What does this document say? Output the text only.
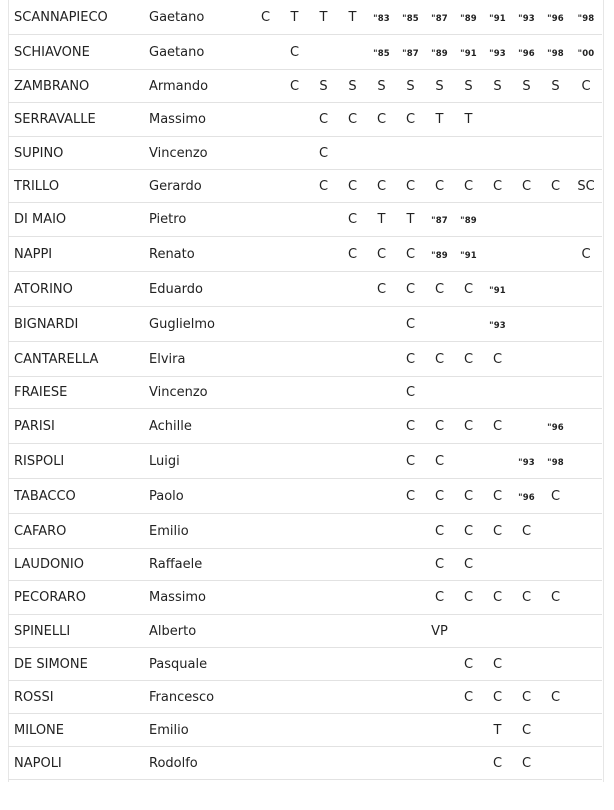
SCANNAPIECO	Gaetano	C	T	T	T	"83	"85	"87	"89	"91	"93	"96	"98
SCHIAVONE	Gaetano		C			"85	"87	"89	"91	"93	"96	"98	"00
ZAMBRANO	Armando		C	S	S	S	S	S	S	S	S	S	C
SERRAVALLE	Massimo			C	C	C	C	T	T				
SUPINO	Vincenzo			C									
TRILLO	Gerardo			C	C	C	C	C	C	C	C	C	SC
DI MAIO	Pietro				C	T	T	"87	"89				
NAPPI	Renato				C	C	C	"89	"91				C
ATORINO	Eduardo					C	C	C	C	"91			
BIGNARDI	Guglielmo						C			"93			
CANTARELLA	Elvira						C	C	C	C			
FRAIESE	Vincenzo						C						
PARISI	Achille						C	C	C	C		"96	
RISPOLI	Luigi						C	C			"93	"98	
TABACCO	Paolo						C	C	C	C	"96	C	
CAFARO	Emilio							C	C	C	C		
LAUDONIO	Raffaele							C	C				
PECORARO	Massimo							C	C	C	C	C	
SPINELLI	Alberto							VP					
DE SIMONE	Pasquale								C	C			
ROSSI	Francesco								C	C	C	C	
MILONE	Emilio									T	C		
NAPOLI	Rodolfo									C	C		
